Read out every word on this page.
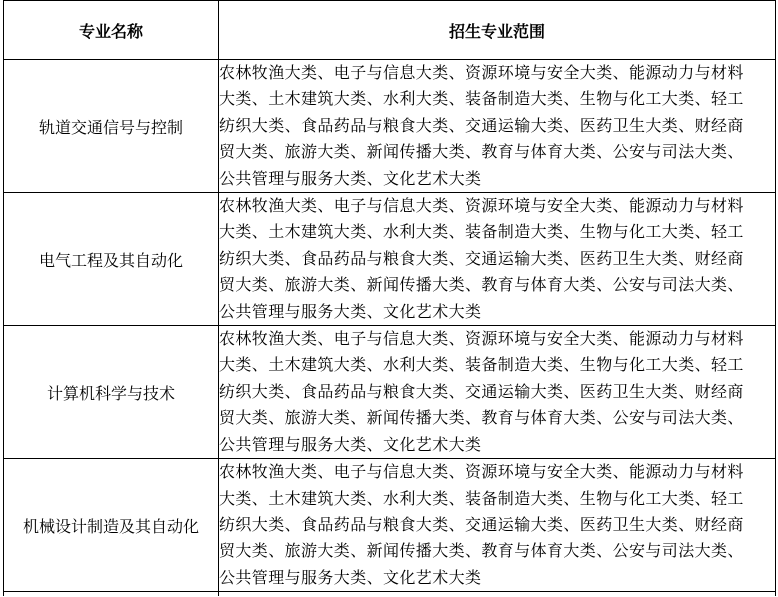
专业名称	招生专业范围
轨道交通信号与控制	农林牧渔大类、电子与信息大类、资源环境与安全大类、能源动力与材料
大类、土木建筑大类、水利大类、装备制造大类、生物与化工大类、轻工
纺织大类、食品药品与粮食大类、交通运输大类、医药卫生大类、财经商
贸大类、旅游大类、新闻传播大类、教育与体育大类、公安与司法大类、
公共管理与服务大类、文化艺术大类

电气工程及其自动化	农林牧渔大类、电子与信息大类、资源环境与安全大类、能源动力与材料
大类、土木建筑大类、水利大类、装备制造大类、生物与化工大类、轻工
纺织大类、食品药品与粮食大类、交通运输大类、医药卫生大类、财经商
贸大类、旅游大类、新闻传播大类、教育与体育大类、公安与司法大类、
公共管理与服务大类、文化艺术大类

计算机科学与技术	农林牧渔大类、电子与信息大类、资源环境与安全大类、能源动力与材料
大类、土木建筑大类、水利大类、装备制造大类、生物与化工大类、轻工
纺织大类、食品药品与粮食大类、交通运输大类、医药卫生大类、财经商
贸大类、旅游大类、新闻传播大类、教育与体育大类、公安与司法大类、
公共管理与服务大类、文化艺术大类

机械设计制造及其自动化	农林牧渔大类、电子与信息大类、资源环境与安全大类、能源动力与材料
大类、土木建筑大类、水利大类、装备制造大类、生物与化工大类、轻工
纺织大类、食品药品与粮食大类、交通运输大类、医药卫生大类、财经商
贸大类、旅游大类、新闻传播大类、教育与体育大类、公安与司法大类、
公共管理与服务大类、文化艺术大类
